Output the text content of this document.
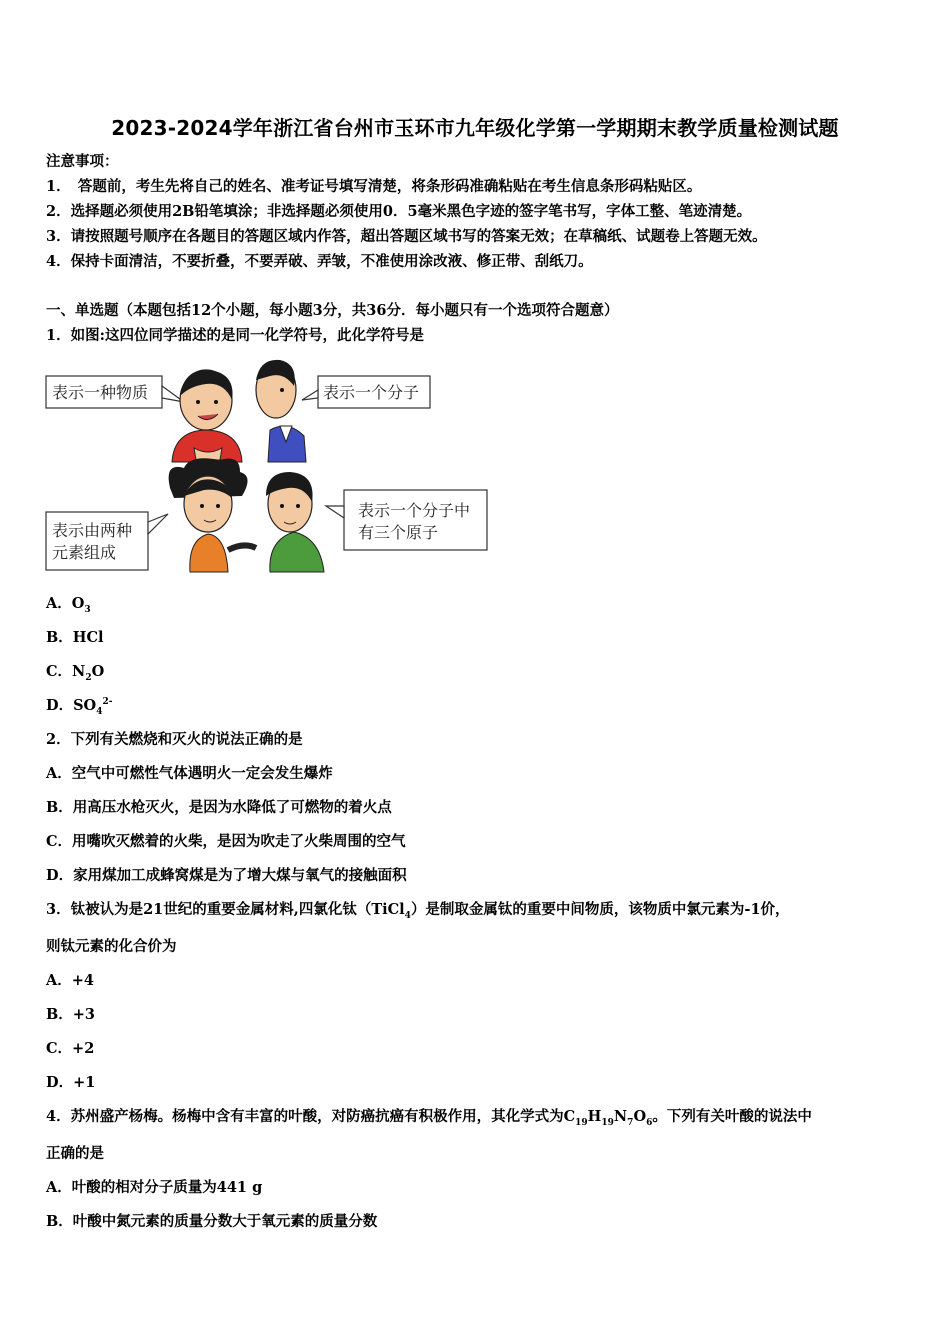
2023-2024学年浙江省台州市玉环市九年级化学第一学期期末教学质量检测试题
注意事项：
1．　答题前，考生先将自己的姓名、准考证号填写清楚，将条形码准确粘贴在考生信息条形码粘贴区。
2．选择题必须使用2B铅笔填涂；非选择题必须使用0．5毫米黑色字迹的签字笔书写，字体工整、笔迹清楚。
3．请按照题号顺序在各题目的答题区域内作答，超出答题区域书写的答案无效；在草稿纸、试题卷上答题无效。
4．保持卡面清洁，不要折叠，不要弄破、弄皱，不准使用涂改液、修正带、刮纸刀。
一、单选题（本题包括12个小题，每小题3分，共36分．每小题只有一个选项符合题意）
1．如图:这四位同学描述的是同一化学符号，此化学符号是
表示一种物质	表示一个分子
表示由两种
元素组成
表示一个分子中
有三个原子
A．$O_3$
B．HCl
C．$N_2O$
D．$SO_4^{2-}$
2．下列有关燃烧和灭火的说法正确的是
A．空气中可燃性气体遇明火一定会发生爆炸
B．用高压水枪灭火，是因为水降低了可燃物的着火点
C．用嘴吹灭燃着的火柴，是因为吹走了火柴周围的空气
D．家用煤加工成蜂窝煤是为了增大煤与氧气的接触面积
3．钛被认为是21世纪的重要金属材料,四氯化钛（TiCl$_4$）是制取金属钛的重要中间物质，该物质中氯元素为-1价，
则钛元素的化合价为
A．+4
B．+3
C．+2
D．+1
4．苏州盛产杨梅。杨梅中含有丰富的叶酸，对防癌抗癌有积极作用，其化学式为$C_{19}H_{19}N_7O_6$。下列有关叶酸的说法中
正确的是
A．叶酸的相对分子质量为441 g
B．叶酸中氮元素的质量分数大于氧元素的质量分数
